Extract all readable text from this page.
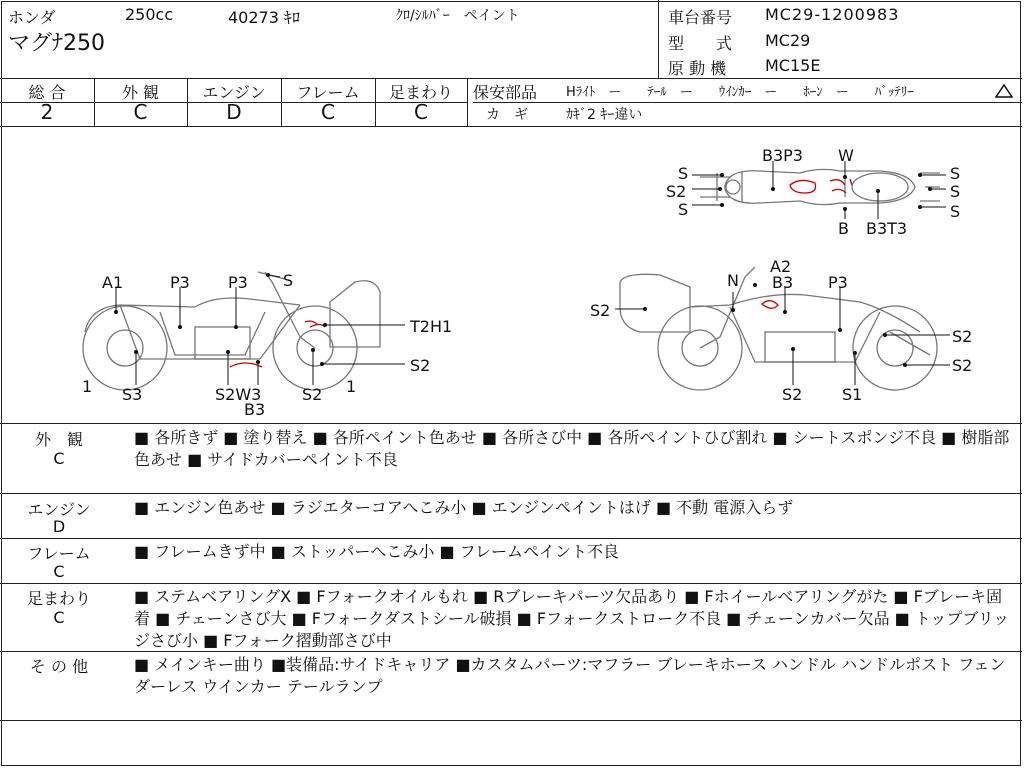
ホンダ	250cc	40273 ｷﾛ	ｸﾛ/ｼﾙﾊﾞｰ　ペイント
マグﾅ250
車台番号 MC29-1200983
型　　式 MC29
原 動 機 MC15E
総 合	外 観	エンジン	フレーム	足まわり
2	C	D	C	C
保安部品 Hﾗｲﾄ　ー　　ﾃｰﾙ　ー　　ｳｲﾝｶｰ　ー　　ﾎｰﾝ　ー　　ﾊﾞｯﾃﾘｰ
カ　ギ	ｶｷﾞ2 ｷｰ違い
B3P3 W
B B3T3
S
S2
S
S
S
S
A1	P3 P3 S
T2H1
S2
1 S3	S2W3
B3
S2 1
A2
N B3 P3
S2
S2
S2
S2 S1
外　観
C
■ 各所きず ■ 塗り替え ■ 各所ペイント色あせ ■ 各所さび中 ■ 各所ペイントひび割れ ■ シートスポンジ不良 ■ 樹脂部色あせ ■ サイドカバーペイント不良
エンジン
D
■ エンジン色あせ ■ ラジエターコアへこみ小 ■ エンジンペイントはげ ■ 不動 電源入らず
フレーム
C
■ フレームきず中 ■ ストッパーへこみ小 ■ フレームペイント不良
足まわり
C
■ ステムベアリングX ■ Fフォークオイルもれ ■ Rブレーキパーツ欠品あり ■ Fホイールベアリングがた ■ Fブレーキ固着 ■ チェーンさび大 ■ Fフォークダストシール破損 ■ Fフォークストローク不良 ■ チェーンカバー欠品 ■ トップブリッジさび小 ■ Fフォーク摺動部さび中
そ の 他	■ メインキー曲り ■装備品:サイドキャリア ■カスタムパーツ:マフラー ブレーキホース ハンドル ハンドルポスト フェンダーレス ウインカー テールランプ
